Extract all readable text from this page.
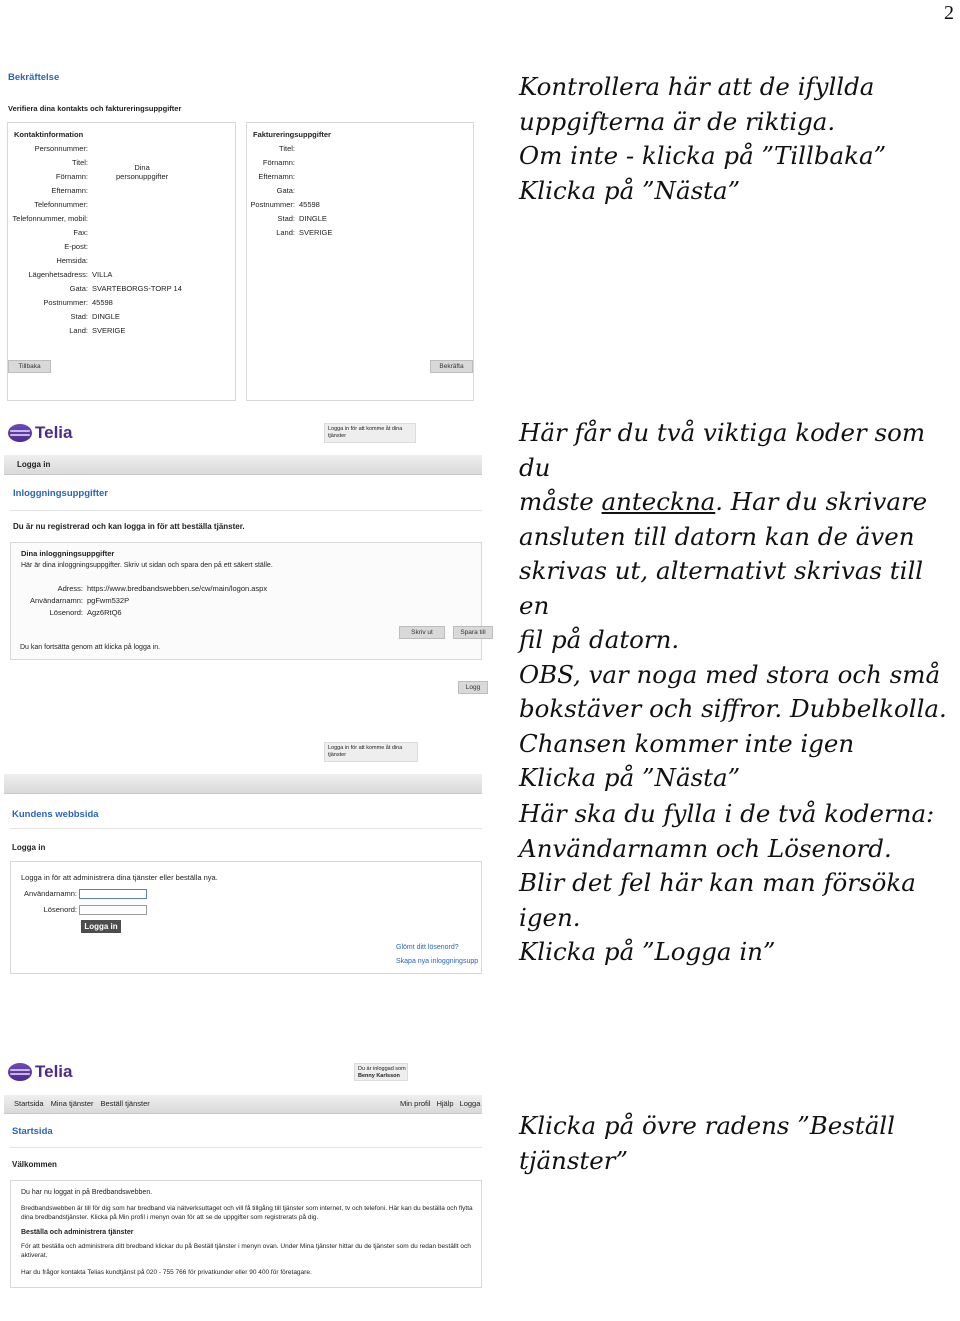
2
Bekräftelse
Verifiera dina kontakts och faktureringsuppgifter
Kontaktinformation
Personnummer:
Titel:
Förnamn:
Efternamn:
Telefonnummer:
Telefonnummer, mobil:
Fax:
E-post:
Hemsida:
Lägenhetsadress: VILLA
Gata: SVARTEBORGS-TORP 14
Postnummer: 45598
Stad: DINGLE
Land: SVERIGE
Dina
personuppgifter
Faktureringsuppgifter
Titel:
Förnamn:
Efternamn:
Gata:
Postnummer: 45598
Stad: DINGLE
Land: SVERIGE
Tillbaka	Bekräfta
Telia	Logga in för att komme åt dina tjänster
Logga in
Inloggningsuppgifter
Du är nu registrerad och kan logga in för att beställa tjänster.
Dina inloggningsuppgifter
Här är dina inloggningsuppgifter. Skriv ut sidan och spara den på ett säkert ställe.
Adress: https://www.bredbandswebben.se/cw/main/logon.aspx
Användarnamn: pgFwm532P
Lösenord: Agz6RtQ6
Skriv ut	Spara till
Du kan fortsätta genom att klicka på logga in.
Logg
Logga in för att komme åt dina tjänster
Kundens webbsida
Logga in
Logga in för att administrera dina tjänster eller beställa nya.
Användarnamn:
Lösenord:
Logga in
Glömt ditt lösenord?
Skapa nya inloggningsupp
Telia	Du är inloggad som
Benny Karlsson
Startsida Mina tjänster Beställ tjänster	Min profil Hjälp Logga
Startsida
Välkommen
Du har nu loggat in på Bredbandswebben.
Bredbandswebben är till för dig som har bredband via nätverksuttaget och vill få tillgång till tjänster som internet, tv och telefoni. Här kan du beställa och flytta dina bredbandstjänster. Klicka på Min profil i menyn ovan för att se de uppgifter som registrerats på dig.
Beställa och administrera tjänster
För att beställa och administrera ditt bredband klickar du på Beställ tjänster i menyn ovan. Under Mina tjänster hittar du de tjänster som du redan beställt och aktiverat.
Har du frågor kontakta Telias kundtjänst på 020 - 755 766 för privatkunder eller 90 400 för företagare.

Kontrollera här att de ifyllda

uppgifterna är de riktiga.

Om inte - klicka på ”Tillbaka”

Klicka på ”Nästa”

Här får du två viktiga koder som du

måste anteckna. Har du skrivare

ansluten till datorn kan de även

skrivas ut, alternativt skrivas till en

fil på datorn.

OBS, var noga med stora och små

bokstäver och siffror. Dubbelkolla.

Chansen kommer inte igen

Klicka på ”Nästa”

Här ska du fylla i de två koderna:

Användarnamn och Lösenord.

Blir det fel här kan man försöka

igen.

Klicka på ”Logga in”

Klicka på övre radens ”Beställ

tjänster”
